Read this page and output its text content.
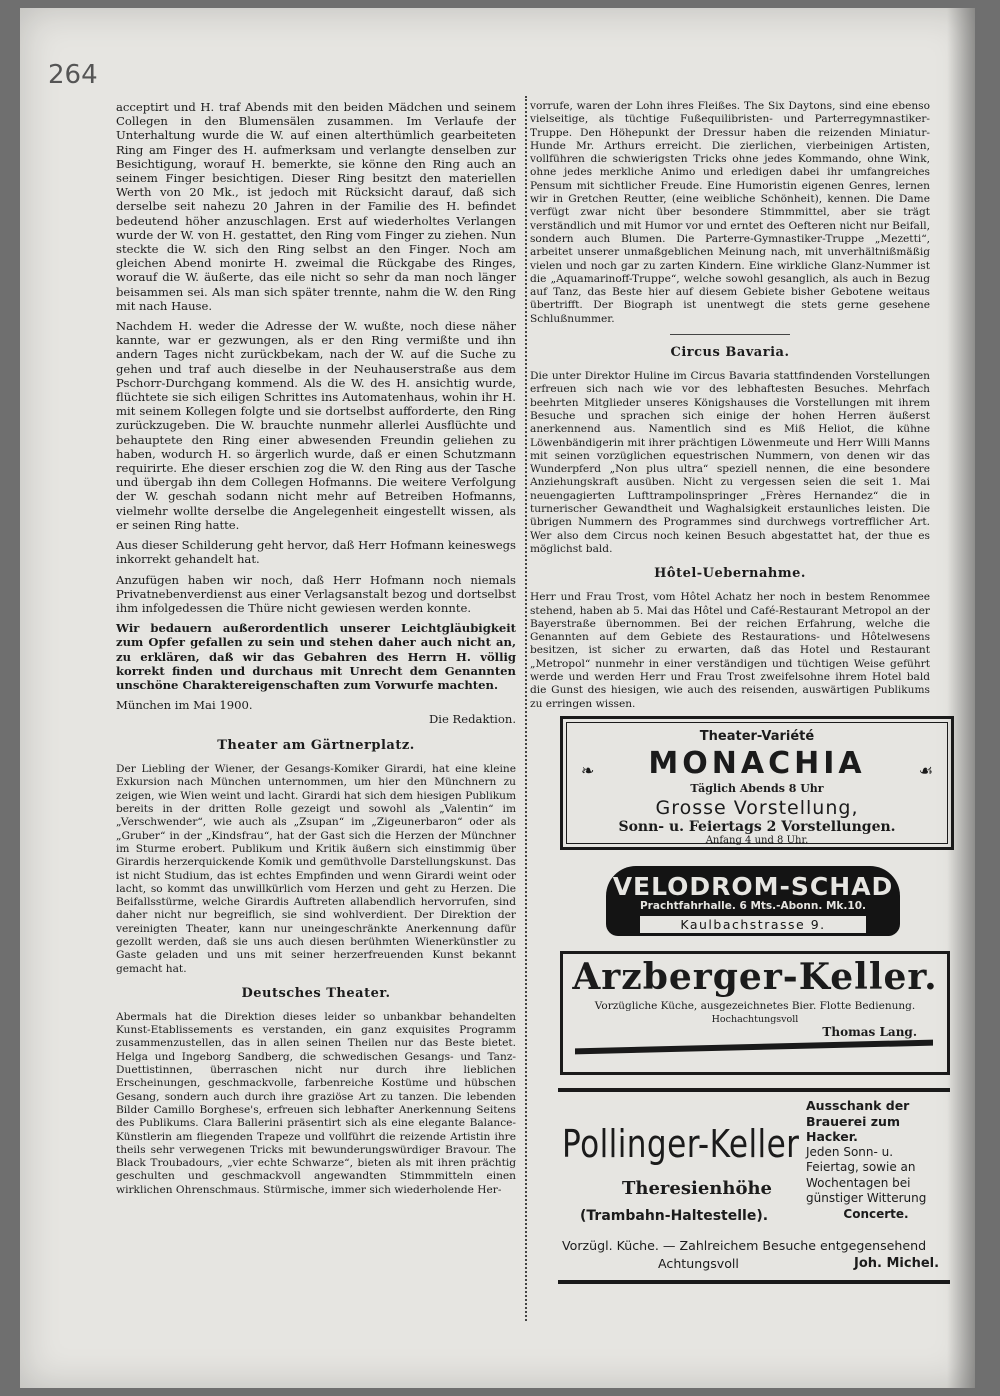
264

acceptirt und H. traf Abends mit den beiden Mädchen und seinem Collegen in den Blumensälen zusammen. Im Verlaufe der Unterhaltung wurde die W. auf einen alterthümlich gearbeiteten Ring am Finger des H. aufmerksam und verlangte denselben zur Besichtigung, worauf H. bemerkte, sie könne den Ring auch an seinem Finger besichtigen. Dieser Ring besitzt den materiellen Werth von 20 Mk., ist jedoch mit Rücksicht darauf, daß sich derselbe seit nahezu 20 Jahren in der Familie des H. befindet bedeutend höher anzuschlagen. Erst auf wiederholtes Verlangen wurde der W. von H. gestattet, den Ring vom Finger zu ziehen. Nun steckte die W. sich den Ring selbst an den Finger. Noch am gleichen Abend monirte H. zweimal die Rückgabe des Ringes, worauf die W. äußerte, das eile nicht so sehr da man noch länger beisammen sei. Als man sich später trennte, nahm die W. den Ring mit nach Hause.

Nachdem H. weder die Adresse der W. wußte, noch diese näher kannte, war er gezwungen, als er den Ring vermißte und ihn andern Tages nicht zurückbekam, nach der W. auf die Suche zu gehen und traf auch dieselbe in der Neuhauserstraße aus dem Pschorr-Durchgang kommend. Als die W. des H. ansichtig wurde, flüchtete sie sich eiligen Schrittes ins Automatenhaus, wohin ihr H. mit seinem Kollegen folgte und sie dortselbst aufforderte, den Ring zurückzugeben. Die W. brauchte nunmehr allerlei Ausflüchte und behauptete den Ring einer abwesenden Freundin geliehen zu haben, wodurch H. so ärgerlich wurde, daß er einen Schutzmann requirirte. Ehe dieser erschien zog die W. den Ring aus der Tasche und übergab ihn dem Collegen Hofmanns. Die weitere Verfolgung der W. geschah sodann nicht mehr auf Betreiben Hofmanns, vielmehr wollte derselbe die Angelegenheit eingestellt wissen, als er seinen Ring hatte.

Aus dieser Schilderung geht hervor, daß Herr Hofmann keineswegs inkorrekt gehandelt hat.

Anzufügen haben wir noch, daß Herr Hofmann noch niemals Privatnebenverdienst aus einer Verlagsanstalt bezog und dortselbst ihm infolgedessen die Thüre nicht gewiesen werden konnte.

Wir bedauern außerordentlich unserer Leichtgläubigkeit zum Opfer gefallen zu sein und stehen daher auch nicht an, zu erklären, daß wir das Gebahren des Herrn H. völlig korrekt finden und durchaus mit Unrecht dem Genannten unschöne Charaktereigenschaften zum Vorwurfe machten.

München im Mai 1900.
Die Redaktion.
Theater am Gärtnerplatz.

Der Liebling der Wiener, der Gesangs-Komiker Girardi, hat eine kleine Exkursion nach München unternommen, um hier den Münchnern zu zeigen, wie Wien weint und lacht. Girardi hat sich dem hiesigen Publikum bereits in der dritten Rolle gezeigt und sowohl als „Valentin“ im „Verschwender“, wie auch als „Zsupan“ im „Zigeunerbaron“ oder als „Gruber“ in der „Kindsfrau“, hat der Gast sich die Herzen der Münchner im Sturme erobert. Publikum und Kritik äußern sich einstimmig über Girardis herzerquickende Komik und gemüthvolle Darstellungskunst. Das ist nicht Studium, das ist echtes Empfinden und wenn Girardi weint oder lacht, so kommt das unwillkürlich vom Herzen und geht zu Herzen. Die Beifallsstürme, welche Girardis Auftreten allabendlich hervorrufen, sind daher nicht nur begreiflich, sie sind wohlverdient. Der Direktion der vereinigten Theater, kann nur uneingeschränkte Anerkennung dafür gezollt werden, daß sie uns auch diesen berühmten Wienerkünstler zu Gaste geladen und uns mit seiner herzerfreuenden Kunst bekannt gemacht hat.

Deutsches Theater.

Abermals hat die Direktion dieses leider so unbankbar behandelten Kunst-Etablissements es verstanden, ein ganz exquisites Programm zusammenzustellen, das in allen seinen Theilen nur das Beste bietet. Helga und Ingeborg Sandberg, die schwedischen Gesangs- und Tanz-Duettistinnen, überraschen nicht nur durch ihre lieblichen Erscheinungen, geschmackvolle, farbenreiche Kostüme und hübschen Gesang, sondern auch durch ihre graziöse Art zu tanzen. Die lebenden Bilder Camillo Borghese's, erfreuen sich lebhafter Anerkennung Seitens des Publikums. Clara Ballerini präsentirt sich als eine elegante Balance-Künstlerin am fliegenden Trapeze und vollführt die reizende Artistin ihre theils sehr verwegenen Tricks mit bewunderungswürdiger Bravour. The Black Troubadours, „vier echte Schwarze“, bieten als mit ihren prächtig geschulten und geschmackvoll angewandten Stimmmitteln einen wirklichen Ohrenschmaus. Stürmische, immer sich wiederholende Her-

vorrufe, waren der Lohn ihres Fleißes. The Six Daytons, sind eine ebenso vielseitige, als tüchtige Fußequilibristen- und Parterregymnastiker-Truppe. Den Höhepunkt der Dressur haben die reizenden Miniatur-Hunde Mr. Arthurs erreicht. Die zierlichen, vierbeinigen Artisten, vollführen die schwierigsten Tricks ohne jedes Kommando, ohne Wink, ohne jedes merkliche Animo und erledigen dabei ihr umfangreiches Pensum mit sichtlicher Freude. Eine Humoristin eigenen Genres, lernen wir in Gretchen Reutter, (eine weibliche Schönheit), kennen. Die Dame verfügt zwar nicht über besondere Stimmmittel, aber sie trägt verständlich und mit Humor vor und erntet des Oefteren nicht nur Beifall, sondern auch Blumen. Die Parterre-Gymnastiker-Truppe „Mezetti“, arbeitet unserer unmaßgeblichen Meinung nach, mit unverhältnißmäßig vielen und noch gar zu zarten Kindern. Eine wirkliche Glanz-Nummer ist die „Aquamarinoff-Truppe“, welche sowohl gesanglich, als auch in Bezug auf Tanz, das Beste hier auf diesem Gebiete bisher Gebotene weitaus übertrifft. Der Biograph ist unentwegt die stets gerne gesehene Schlußnummer.

Circus Bavaria.

Die unter Direktor Huline im Circus Bavaria stattfindenden Vorstellungen erfreuen sich nach wie vor des lebhaftesten Besuches. Mehrfach beehrten Mitglieder unseres Königshauses die Vorstellungen mit ihrem Besuche und sprachen sich einige der hohen Herren äußerst anerkennend aus. Namentlich sind es Miß Heliot, die kühne Löwenbändigerin mit ihrer prächtigen Löwenmeute und Herr Willi Manns mit seinen vorzüglichen equestrischen Nummern, von denen wir das Wunderpferd „Non plus ultra“ speziell nennen, die eine besondere Anziehungskraft ausüben. Nicht zu vergessen seien die seit 1. Mai neuengagierten Lufttrampolinspringer „Frères Hernandez“ die in turnerischer Gewandtheit und Waghalsigkeit erstaunliches leisten. Die übrigen Nummern des Programmes sind durchwegs vortrefflicher Art. Wer also dem Circus noch keinen Besuch abgestattet hat, der thue es möglichst bald.

Hôtel-Uebernahme.

Herr und Frau Trost, vom Hôtel Achatz her noch in bestem Renommee stehend, haben ab 5. Mai das Hôtel und Café-Restaurant Metropol an der Bayerstraße übernommen. Bei der reichen Erfahrung, welche die Genannten auf dem Gebiete des Restaurations- und Hôtelwesens besitzen, ist sicher zu erwarten, daß das Hotel und Restaurant „Metropol“ nunmehr in einer verständigen und tüchtigen Weise geführt werde und werden Herr und Frau Trost zweifelsohne ihrem Hotel bald die Gunst des hiesigen, wie auch des reisenden, auswärtigen Publikums zu erringen wissen.

❧	☙
Theater-Variété
MONACHIA
Täglich Abends 8 Uhr
Grosse Vorstellung,
Sonn- u. Feiertags 2 Vorstellungen.
Anfang 4 und 8 Uhr.
VELODROM-SCHAD
Prachtfahrhalle. 6 Mts.-Abonn. Mk.10.
Kaulbachstrasse 9.
Arzberger-Keller.
Vorzügliche Küche, ausgezeichnetes Bier. Flotte Bedienung.
Hochachtungsvoll
Thomas Lang.
Pollinger-Keller
Theresienhöhe
(Trambahn-Haltestelle).
Ausschank der Brauerei zum Hacker.
Jeden Sonn- u. Feiertag, sowie an Wochentagen bei günstiger Witterung
Concerte.
Vorzügl. Küche. — Zahlreichem Besuche entgegensehend
Achtungsvoll	Joh. Michel.
